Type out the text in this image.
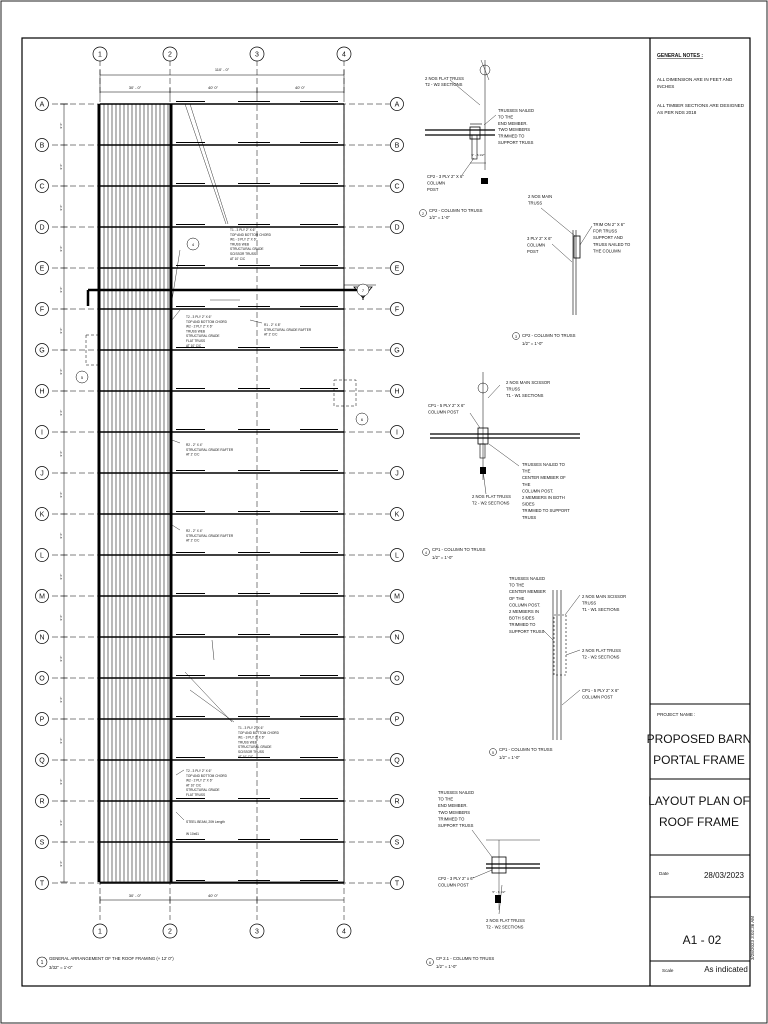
GENERAL NOTES :
ALL DIMENSION ARE IN FEET AND
INCHES
ALL TIMBER SECTIONS ARE DESIGNED
AS PER NDS 2018
PROJECT NAME :
PROPOSED BARN
PORTAL FRAME
LAYOUT PLAN OF
ROOF FRAME
Date	28/03/2023
A1 - 02
Scale	As indicated
3/28/2023 3:02:36 AM
A	A
B	B
C	C
D	D
E	E
F	F
G	G
H	H
I	I
J	J
K	K
L	L
M	M
N	N
O	O
P	P
Q	Q
R	R
S	S
T	T
1
1
2
2
3
3
4
4
110' - 0"
30' - 0"	40' 0"	40' 0"
30' - 0"	40' 0"
9' 0"
9' 0"
9' 0"
9' 0"
9' 0"
9' 0"
9' 0"
9' 0"
9' 0"
9' 0"
9' 0"
9' 0"
9' 0"
9' 0"
9' 0"
9' 0"
9' 0"
9' 0"
9' 0"
T1 - 3 PLY 2" X 6"
TOP AND BOTTOM CHORD
W1 - 3 PLY 2" X 6"
TRUSS WEB
STRUCTURAL GRADE
SCISSOR TRUSS
AT 10' C/C
T2 - 3 PLY 2" X 6"
TOP AND BOTTOM CHORD
W2 - 2 PLY 2" X 6"
TRUSS WEB
STRUCTURAL GRADE
FLAT TRUSS
AT 10' C/C
R1 - 2" X 8"
STRUCTURAL GRADE RAFTER
AT 2' C/C
R2 - 2" X 4"
STRUCTURAL GRADE RAFTER
AT 2' C/C
R2 - 2" X 4"
STRUCTURAL GRADE RAFTER
AT 2' C/C
T1 - 3 PLY 2" X 6"
TOP AND BOTTOM CHORD
W1 - 3 PLY 2" X 6"
TRUSS WEB
STRUCTURAL GRADE
SCISSOR TRUSS
AT 10' C/C
T2 - 3 PLY 2" X 6"
TOP AND BOTTOM CHORD
W2 - 2 PLY 2" X 6"
AT 10' C/C
STRUCTURAL GRADE
FLAT TRUSS
STEEL BEAM, 20ft Length
W 10x61
4
5
6
7
1
GENERAL ARRANGEMENT OF THE ROOF FRAMING (+ 12' 0")
3/32" = 1'-0"
2 NOS FLAT TRUSS
T2 - W2 SECTIONS
TRUSSES NAILED
TO THE
END MEMBER.
TWO MEMBERS
TRIMMED TO
SUPPORT TRUSS
CP2 - 3 PLY 2" X 6"
COLUMN
POST
5" - 6 1/2"
2
CP2 - COLUMN TO TRUSS
1/2" = 1'-0"
2 NOS MAIN
TRUSS
3 PLY 2" X 6"
COLUMN
POST
TRIM ON 2" X 6"
FOR TRUSS
SUPPORT AND
TRUSS NAILED TO
THE COLUMN
3 CP2 - COLUMN TO TRUSS
1/2" = 1'-0"
2 NOS MAIN SCISSOR
TRUSS
T1 - W1 SECTIONS
CP1 - 5 PLY 2" X 6"
COLUMN POST
TRUSSES NAILED TO
THE
CENTER MEMBER OF
THE
COLUMN POST.
2 MEMBERS IN BOTH
SIDES
TRIMMED TO SUPPORT
TRUSS
2 NOS FLAT TRUSS
T2 - W2 SECTIONS
4
CP1 - COLUMN TO TRUSS
1/2" = 1'-0"
TRUSSES NAILED
TO THE
CENTER MEMBER
OF THE
COLUMN POST.
2 MEMBERS IN
BOTH SIDES
TRIMMED TO
SUPPORT TRUSS
2 NOS MAIN SCISSOR
TRUSS
T1 - W1 SECTIONS
2 NOS FLAT TRUSS
T2 - W2 SECTIONS
CP1 - 5 PLY 2" X 6"
COLUMN POST
5
CP1 - COLUMN TO TRUSS
1/2" = 1'-0"
TRUSSES NAILED
TO THE
END MEMBER.
TWO MEMBERS
TRIMMED TO
SUPPORT TRUSS
CP2 - 3 PLY 2" x 6"
COLUMN POST
2 NOS FLAT TRUSS
T2 - W2 SECTIONS
5" - 6 1/2"
6
CP 2.1 - COLUMN TO TRUSS
1/2" = 1'-0"
